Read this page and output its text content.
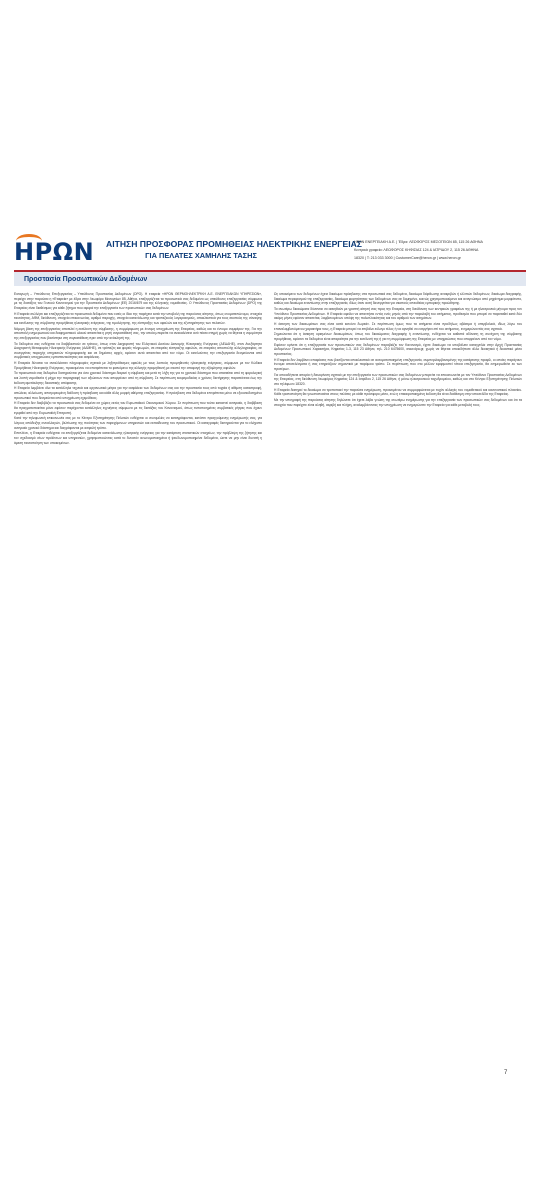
ΗΡΩΝ ΑΙΤΗΣΗ ΠΡΟΣΦΟΡΑΣ ΠΡΟΜΗΘΕΙΑΣ ΗΛΕΚΤΡΙΚΗΣ ΕΝΕΡΓΕΙΑΣ
ΓΙΑ ΠΕΛΑΤΕΣ ΧΑΜΗΛΗΣ ΤΑΣΗΣ
ΗΡΩΝ ΕΝΕΡΓΕΙΑΚΗ Α.Ε. | Έδρα: ΛΕΩΦΟΡΟΣ ΜΕΣΟΓΕΙΩΝ 85, 115 26 ΑΘΗΝΑ
Κεντρικά γραφεία: ΛΕΩΦΟΡΟΣ ΚΗΦΙΣΙΑΣ 124 & ΙΑΤΡΙΔΟΥ 2, 115 26 ΑΘΗΝΑ
18320 | T: 213 033 3000 | CustomerCare@heron.gr | www.heron.gr
Προστασία Προσωπικών Δεδομένων

Εισαγωγή – Υπεύθυνος Επεξεργασίας – Υπεύθυνος Προστασίας Δεδομένων (DPO). Η εταιρεία «ΗΡΩΝ ΘΕΡΜΟΗΛΕΚΤΡΙΚΗ Α.Ε. ΕΝΕΡΓΕΙΑΚΩΝ ΥΠΗΡΕΣΙΩΝ», περιέχει στην παρούσα η «Εταιρεία» με έδρα στην Λεωφόρο Μεσογείων 85, Αθήνα, επεξεργάζεται τα προσωπικά σας δεδομένα ως υπεύθυνος επεξεργασίας σύμφωνα με τις διατάξεις του Γενικού Κανονισμού για την Προστασία Δεδομένων (ΕΕ) 2016/679 και της ελληνικής νομοθεσίας. Ο Υπεύθυνος Προστασίας Δεδομένων (DPO) της Εταιρείας είναι διαθέσιμος για κάθε ζήτημα που αφορά την επεξεργασία των προσωπικών σας δεδομένων.

Η Εταιρεία συλλέγει και επεξεργάζεται τα προσωπικά δεδομένα που εσείς οι ίδιοι της παρέχετε κατά την υποβολή της παρούσας αίτησης, όπως ονοματεπώνυμο, στοιχεία ταυτότητας, ΑΦΜ, διεύθυνση, στοιχεία επικοινωνίας, αριθμό παροχής, στοιχεία κατανάλωσης και τραπεζικούς λογαριασμούς, αποκλειστικά για τους σκοπούς της σύναψης και εκτέλεσης της σύμβασης προμήθειας ηλεκτρικής ενέργειας, της τιμολόγησης, της είσπραξης των οφειλών και της εξυπηρέτησης των πελατών.

Νόμιμη βάση της επεξεργασίας αποτελεί η εκτέλεση της σύμβασης, η συμμόρφωση με έννομη υποχρέωση της Εταιρείας, καθώς και το έννομο συμφέρον της. Για την αποστολή ενημερωτικού και διαφημιστικού υλικού απαιτείται η ρητή συγκατάθεσή σας, την οποία μπορείτε να ανακαλέσετε ανά πάσα στιγμή χωρίς να θίγεται η νομιμότητα της επεξεργασίας που βασίστηκε στη συγκατάθεση πριν από την ανάκλησή της.

Τα δεδομένα σας ενδέχεται να διαβιβαστούν σε τρίτους, όπως στον Διαχειριστή του Ελληνικού Δικτύου Διανομής Ηλεκτρικής Ενέργειας (ΔΕΔΔΗΕ), στον Ανεξάρτητο Διαχειριστή Μεταφοράς Ηλεκτρικής Ενέργειας (ΑΔΜΗΕ), σε τράπεζες και φορείς πληρωμών, σε εταιρείες είσπραξης οφειλών, σε εταιρείες αποστολής αλληλογραφίας, σε συνεργάτες παροχής υπηρεσιών πληροφορικής και σε δημόσιες αρχές, εφόσον αυτό απαιτείται από τον νόμο. Οι εκτελούντες την επεξεργασία δεσμεύονται από συμβατικές υποχρεώσεις εμπιστευτικότητας και ασφάλειας.

Η Εταιρεία δύναται να ανταλλάσσει πληροφορίες σχετικά με ληξιπρόθεσμες οφειλές με τους λοιπούς προμηθευτές ηλεκτρικής ενέργειας, σύμφωνα με τον Κώδικα Προμήθειας Ηλεκτρικής Ενέργειας, προκειμένου να αποτρέπεται το φαινόμενο της αλλαγής προμηθευτή με σκοπό την αποφυγή της εξόφλησης οφειλών.

Τα προσωπικά σας δεδομένα διατηρούνται για όσο χρονικό διάστημα διαρκεί η σύμβαση και μετά τη λήξη της για το χρονικό διάστημα που απαιτείται από τη φορολογική και λοιπή νομοθεσία ή μέχρι την παραγραφή των αξιώσεων που απορρέουν από τη σύμβαση. Σε περίπτωση εκκρεμοδικίας ο χρόνος διατήρησης παρατείνεται έως την έκδοση αμετάκλητης δικαστικής απόφασης.

Η Εταιρεία λαμβάνει όλα τα κατάλληλα τεχνικά και οργανωτικά μέτρα για την ασφάλεια των δεδομένων σας και την προστασία τους από τυχαία ή αθέμιτη καταστροφή, απώλεια, αλλοίωση, απαγορευμένη διάδοση ή πρόσβαση και κάθε άλλη μορφή αθέμιτης επεξεργασίας. Η πρόσβαση στα δεδομένα επιτρέπεται μόνο σε εξουσιοδοτημένο προσωπικό που δεσμεύεται από υποχρέωση εχεμύθειας.

Η Εταιρεία δεν διαβιβάζει τα προσωπικά σας δεδομένα σε χώρες εκτός του Ευρωπαϊκού Οικονομικού Χώρου. Σε περίπτωση που τούτο καταστεί αναγκαίο, η διαβίβαση θα πραγματοποιείται μόνο εφόσον παρέχονται κατάλληλες εγγυήσεις σύμφωνα με τις διατάξεις του Κανονισμού, όπως τυποποιημένες συμβατικές ρήτρες που έχουν εγκριθεί από την Ευρωπαϊκή Επιτροπή.

Κατά την τηλεφωνική επικοινωνία σας με το Κέντρο Εξυπηρέτησης Πελατών ενδέχεται οι συνομιλίες να καταγράφονται, κατόπιν προηγούμενης ενημέρωσής σας, για λόγους απόδειξης συναλλαγών, βελτίωσης της ποιότητας των παρεχόμενων υπηρεσιών και εκπαίδευσης του προσωπικού. Οι καταγραφές διατηρούνται για το ελάχιστο αναγκαίο χρονικό διάστημα και διαγράφονται με ασφαλή τρόπο.

Επιπλέον, η Εταιρεία ενδέχεται να επεξεργάζεται δεδομένα κατανάλωσης ηλεκτρικής ενέργειας για την κατάρτιση στατιστικών στοιχείων, την πρόβλεψη της ζήτησης και τον σχεδιασμό νέων προϊόντων και υπηρεσιών, χρησιμοποιώντας κατά το δυνατόν ανωνυμοποιημένα ή ψευδωνυμοποιημένα δεδομένα, ώστε να μην είναι δυνατή η άμεση ταυτοποίηση των υποκειμένων.

Ως υποκείμενο των δεδομένων έχετε δικαίωμα πρόσβασης στα προσωπικά σας δεδομένα, δικαίωμα διόρθωσης ανακριβών ή ελλιπών δεδομένων, δικαίωμα διαγραφής, δικαίωμα περιορισμού της επεξεργασίας, δικαίωμα φορητότητας των δεδομένων σας σε δομημένο, κοινώς χρησιμοποιούμενο και αναγνώσιμο από μηχάνημα μορφότυπο, καθώς και δικαίωμα εναντίωσης στην επεξεργασία, ιδίως όταν αυτή διενεργείται για σκοπούς απευθείας εμπορικής προώθησης.

Τα ανωτέρω δικαιώματα δύνανται να ασκηθούν με γραπτή αίτησή σας προς την Εταιρεία, στη διεύθυνση των κεντρικών γραφείων της ή με ηλεκτρονικό μήνυμα προς τον Υπεύθυνο Προστασίας Δεδομένων. Η Εταιρεία οφείλει να απαντήσει εντός ενός μηνός από την παραλαβή του αιτήματος, προθεσμία που μπορεί να παραταθεί κατά δύο ακόμη μήνες εφόσον απαιτείται, λαμβανομένων υπόψη της πολυπλοκότητας και του αριθμού των αιτημάτων.

Η άσκηση των δικαιωμάτων σας είναι κατά κανόνα δωρεάν. Σε περίπτωση όμως που τα αιτήματα είναι προδήλως αβάσιμα ή υπερβολικά, ιδίως λόγω του επαναλαμβανόμενου χαρακτήρα τους, η Εταιρεία μπορεί να επιβάλει εύλογο τέλος ή να αρνηθεί να ενεργήσει επί του αιτήματος, ενημερώνοντάς σας σχετικά.

Σημειώνεται ότι η άσκηση ορισμένων δικαιωμάτων, όπως του δικαιώματος διαγραφής ή εναντίωσης, ενδέχεται να καθιστά αδύνατη τη συνέχιση της σύμβασης προμήθειας, εφόσον τα δεδομένα είναι απαραίτητα για την εκτέλεσή της ή για τη συμμόρφωση της Εταιρείας με υποχρεώσεις που απορρέουν από τον νόμο.

Εφόσον κρίνετε ότι η επεξεργασία των προσωπικών σας δεδομένων παραβιάζει τον Κανονισμό, έχετε δικαίωμα να υποβάλετε καταγγελία στην Αρχή Προστασίας Δεδομένων Προσωπικού Χαρακτήρα, Κηφισίας 1-3, 115 23 Αθήνα, τηλ. 210 6475600, www.dpa.gr, χωρίς να θίγεται οποιοδήποτε άλλο διοικητικό ή δικαστικό μέσο προστασίας.

Η Εταιρεία δεν λαμβάνει αποφάσεις που βασίζονται αποκλειστικά σε αυτοματοποιημένη επεξεργασία, συμπεριλαμβανομένης της κατάρτισης προφίλ, οι οποίες παράγουν έννομα αποτελέσματα ή σας επηρεάζουν σημαντικά με παρόμοιο τρόπο. Σε περίπτωση που στο μέλλον εφαρμοστεί τέτοια επεξεργασία, θα ενημερωθείτε εκ των προτέρων.

Για οποιαδήποτε απορία ή διευκρίνιση σχετικά με την επεξεργασία των προσωπικών σας δεδομένων μπορείτε να επικοινωνείτε με τον Υπεύθυνο Προστασίας Δεδομένων της Εταιρείας, στη διεύθυνση Λεωφόρος Κηφισίας 124 & Ιατρίδου 2, 115 26 Αθήνα, ή μέσω ηλεκτρονικού ταχυδρομείου, καθώς και στο Κέντρο Εξυπηρέτησης Πελατών στο τηλέφωνο 18320.

Η Εταιρεία διατηρεί το δικαίωμα να τροποποιεί την παρούσα ενημέρωση, προκειμένου να συμμορφώνεται με τυχόν αλλαγές του νομοθετικού και κανονιστικού πλαισίου. Κάθε τροποποίηση θα γνωστοποιείται στους πελάτες με κάθε πρόσφορο μέσο, ενώ η επικαιροποιημένη έκδοση θα είναι διαθέσιμη στην ιστοσελίδα της Εταιρείας.

Με την υπογραφή της παρούσας αίτησης δηλώνετε ότι έχετε λάβει γνώση της ανωτέρω ενημέρωσης για την επεξεργασία των προσωπικών σας δεδομένων και ότι τα στοιχεία που παρέχετε είναι αληθή, ακριβή και πλήρη, αναλαμβάνοντας την υποχρέωση να ενημερώνετε την Εταιρεία για κάθε μεταβολή τους.

7
